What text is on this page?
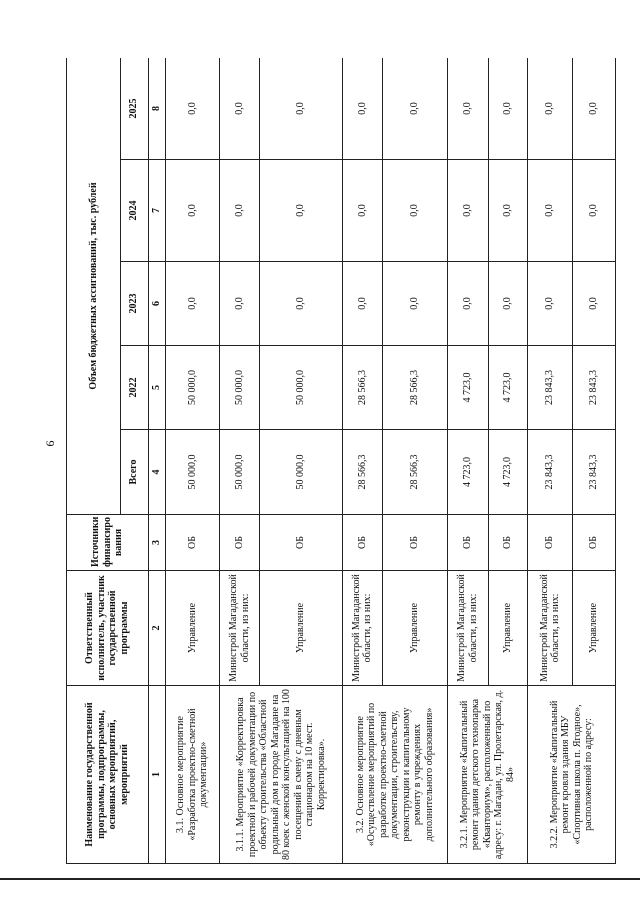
9
Наименование государственной программы, подпрограммы, основных мероприятий, мероприятий	Ответственный исполнитель, участник государственной программы	Источники финансиро вания	Объем бюджетных ассигнований, тыс. рублей				
			Всего	2022	2023	2024	2025
1	2	3	4	5	6	7	8
3.1. Основное мероприятие «Разработка проектно-сметной документации»	Управление	ОБ	50 000,0	50 000,0	0,0	0,0	0,0
3.1.1. Мероприятие «Корректировка проектной и рабочей документации по объекту строительства «Областной родильный дом в городе Магадане на 80 коек с женской консультацией на 100 посещений в смену с дневным стационаром на 10 мест. Корректировка».	Министрой Магаданской области, из них:	ОБ	50 000,0	50 000,0	0,0	0,0	0,0
	Управление	ОБ	50 000,0	50 000,0	0,0	0,0	0,0
3.2. Основное мероприятие «Осуществление мероприятий по разработке проектно-сметной документации, строительству, реконструкции и капитальному ремонту в учреждениях дополнительного образования»	Министрой Магаданской области, из них:	ОБ	28 566,3	28 566,3	0,0	0,0	0,0
	Управление	ОБ	28 566,3	28 566,3	0,0	0,0	0,0
3.2.1. Мероприятие «Капитальный ремонт здания детского технопарка «Кванториум», расположенный по адресу: г. Магадан, ул. Пролетарская, д. 84»	Министрой Магаданской области, из них:	ОБ	4 723,0	4 723,0	0,0	0,0	0,0
	Управление	ОБ	4 723,0	4 723,0	0,0	0,0	0,0
3.2.2. Мероприятие «Капитальный ремонт кровли здания МБУ «Спортивная школа п. Ягодное», расположенной по адресу:	Министрой Магаданской области, из них:	ОБ	23 843,3	23 843,3	0,0	0,0	0,0
	Управление	ОБ	23 843,3	23 843,3	0,0	0,0	0,0
